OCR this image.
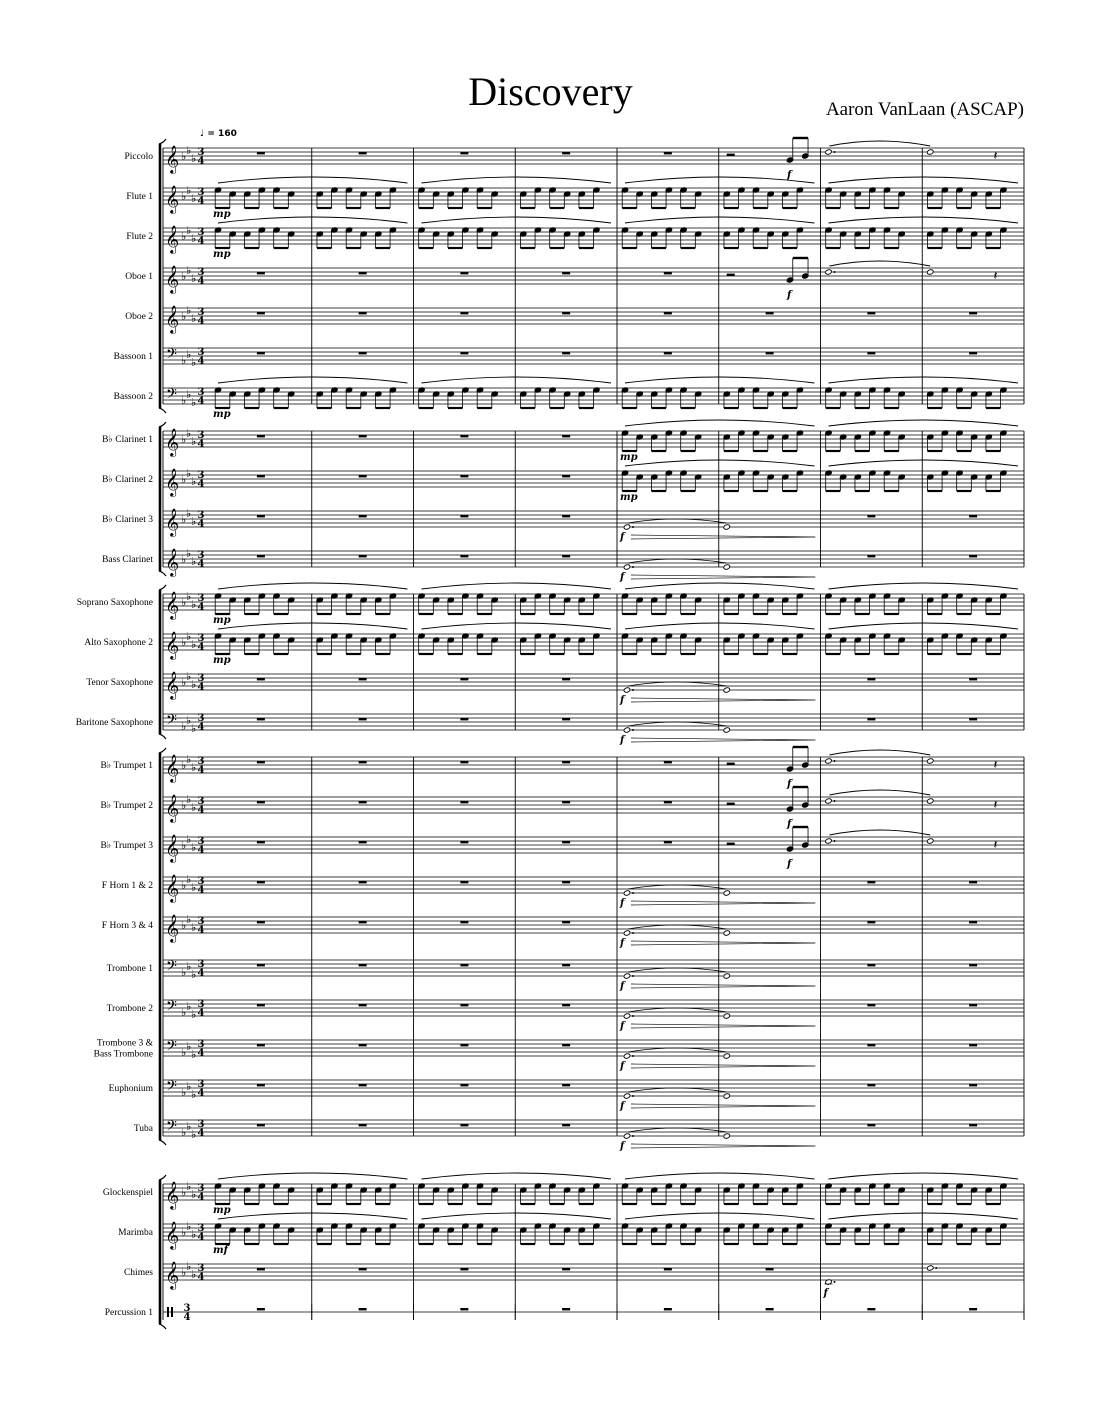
Discovery	Aaron VanLaan (ASCAP)
Piccolo 𝄞 ♭ ♭
♭ 3
4
Flute 1 𝄞 ♭ ♭
♭ 3
4
Flute 2 𝄞 ♭ ♭
♭ 3
4
Oboe 1 𝄞 ♭ ♭
♭ 3
4
Oboe 2 𝄞 ♭ ♭
♭ 3
4
Bassoon 1 𝄢 ♭ ♭
♭
3
4
Bassoon 2 𝄢 ♭ ♭
♭
3
4
B♭ Clarinet 1 𝄞 ♭ ♭
♭ 3
4
B♭ Clarinet 2 𝄞 ♭ ♭
♭ 3
4
B♭ Clarinet 3 𝄞 ♭ ♭
♭ 3
4
Bass Clarinet 𝄞 ♭ ♭
♭ 3
4
Soprano Saxophone 𝄞 ♭ ♭
♭ 3
4
Alto Saxophone 2 𝄞 ♭ ♭
♭ 3
4
Tenor Saxophone 𝄞 ♭ ♭
♭ 3
4
Baritone Saxophone 𝄢 ♭ ♭
♭
3
4
B♭ Trumpet 1 𝄞 ♭ ♭
♭ 3
4
B♭ Trumpet 2 𝄞 ♭ ♭
♭ 3
4
B♭ Trumpet 3 𝄞 ♭ ♭
♭ 3
4
F Horn 1 & 2 𝄞 ♭ ♭
♭ 3
4
F Horn 3 & 4 𝄞 ♭ ♭
♭ 3
4
Trombone 1 𝄢 ♭ ♭
♭
3
4
Trombone 2 𝄢 ♭ ♭
♭
3
4
Trombone 3 &
Bass Trombone 𝄢 ♭ ♭
♭
3
4
Euphonium 𝄢 ♭ ♭
♭
3
4
Tuba 𝄢 ♭ ♭
♭
3
4
Glockenspiel 𝄞 ♭ ♭
♭ 3
4
Marimba 𝄞 ♭ ♭
♭ 3
4
Chimes 𝄞 ♭ ♭
♭ 3
4
Percussion 1	3
4
♩ = 160
f
𝄽
mp
mp
f
𝄽
mp
mp
mp
f
f
mp
mp
f
f
f
𝄽
f
𝄽
f
𝄽
f
f
f
f
f
f
f
mp
mf
f
